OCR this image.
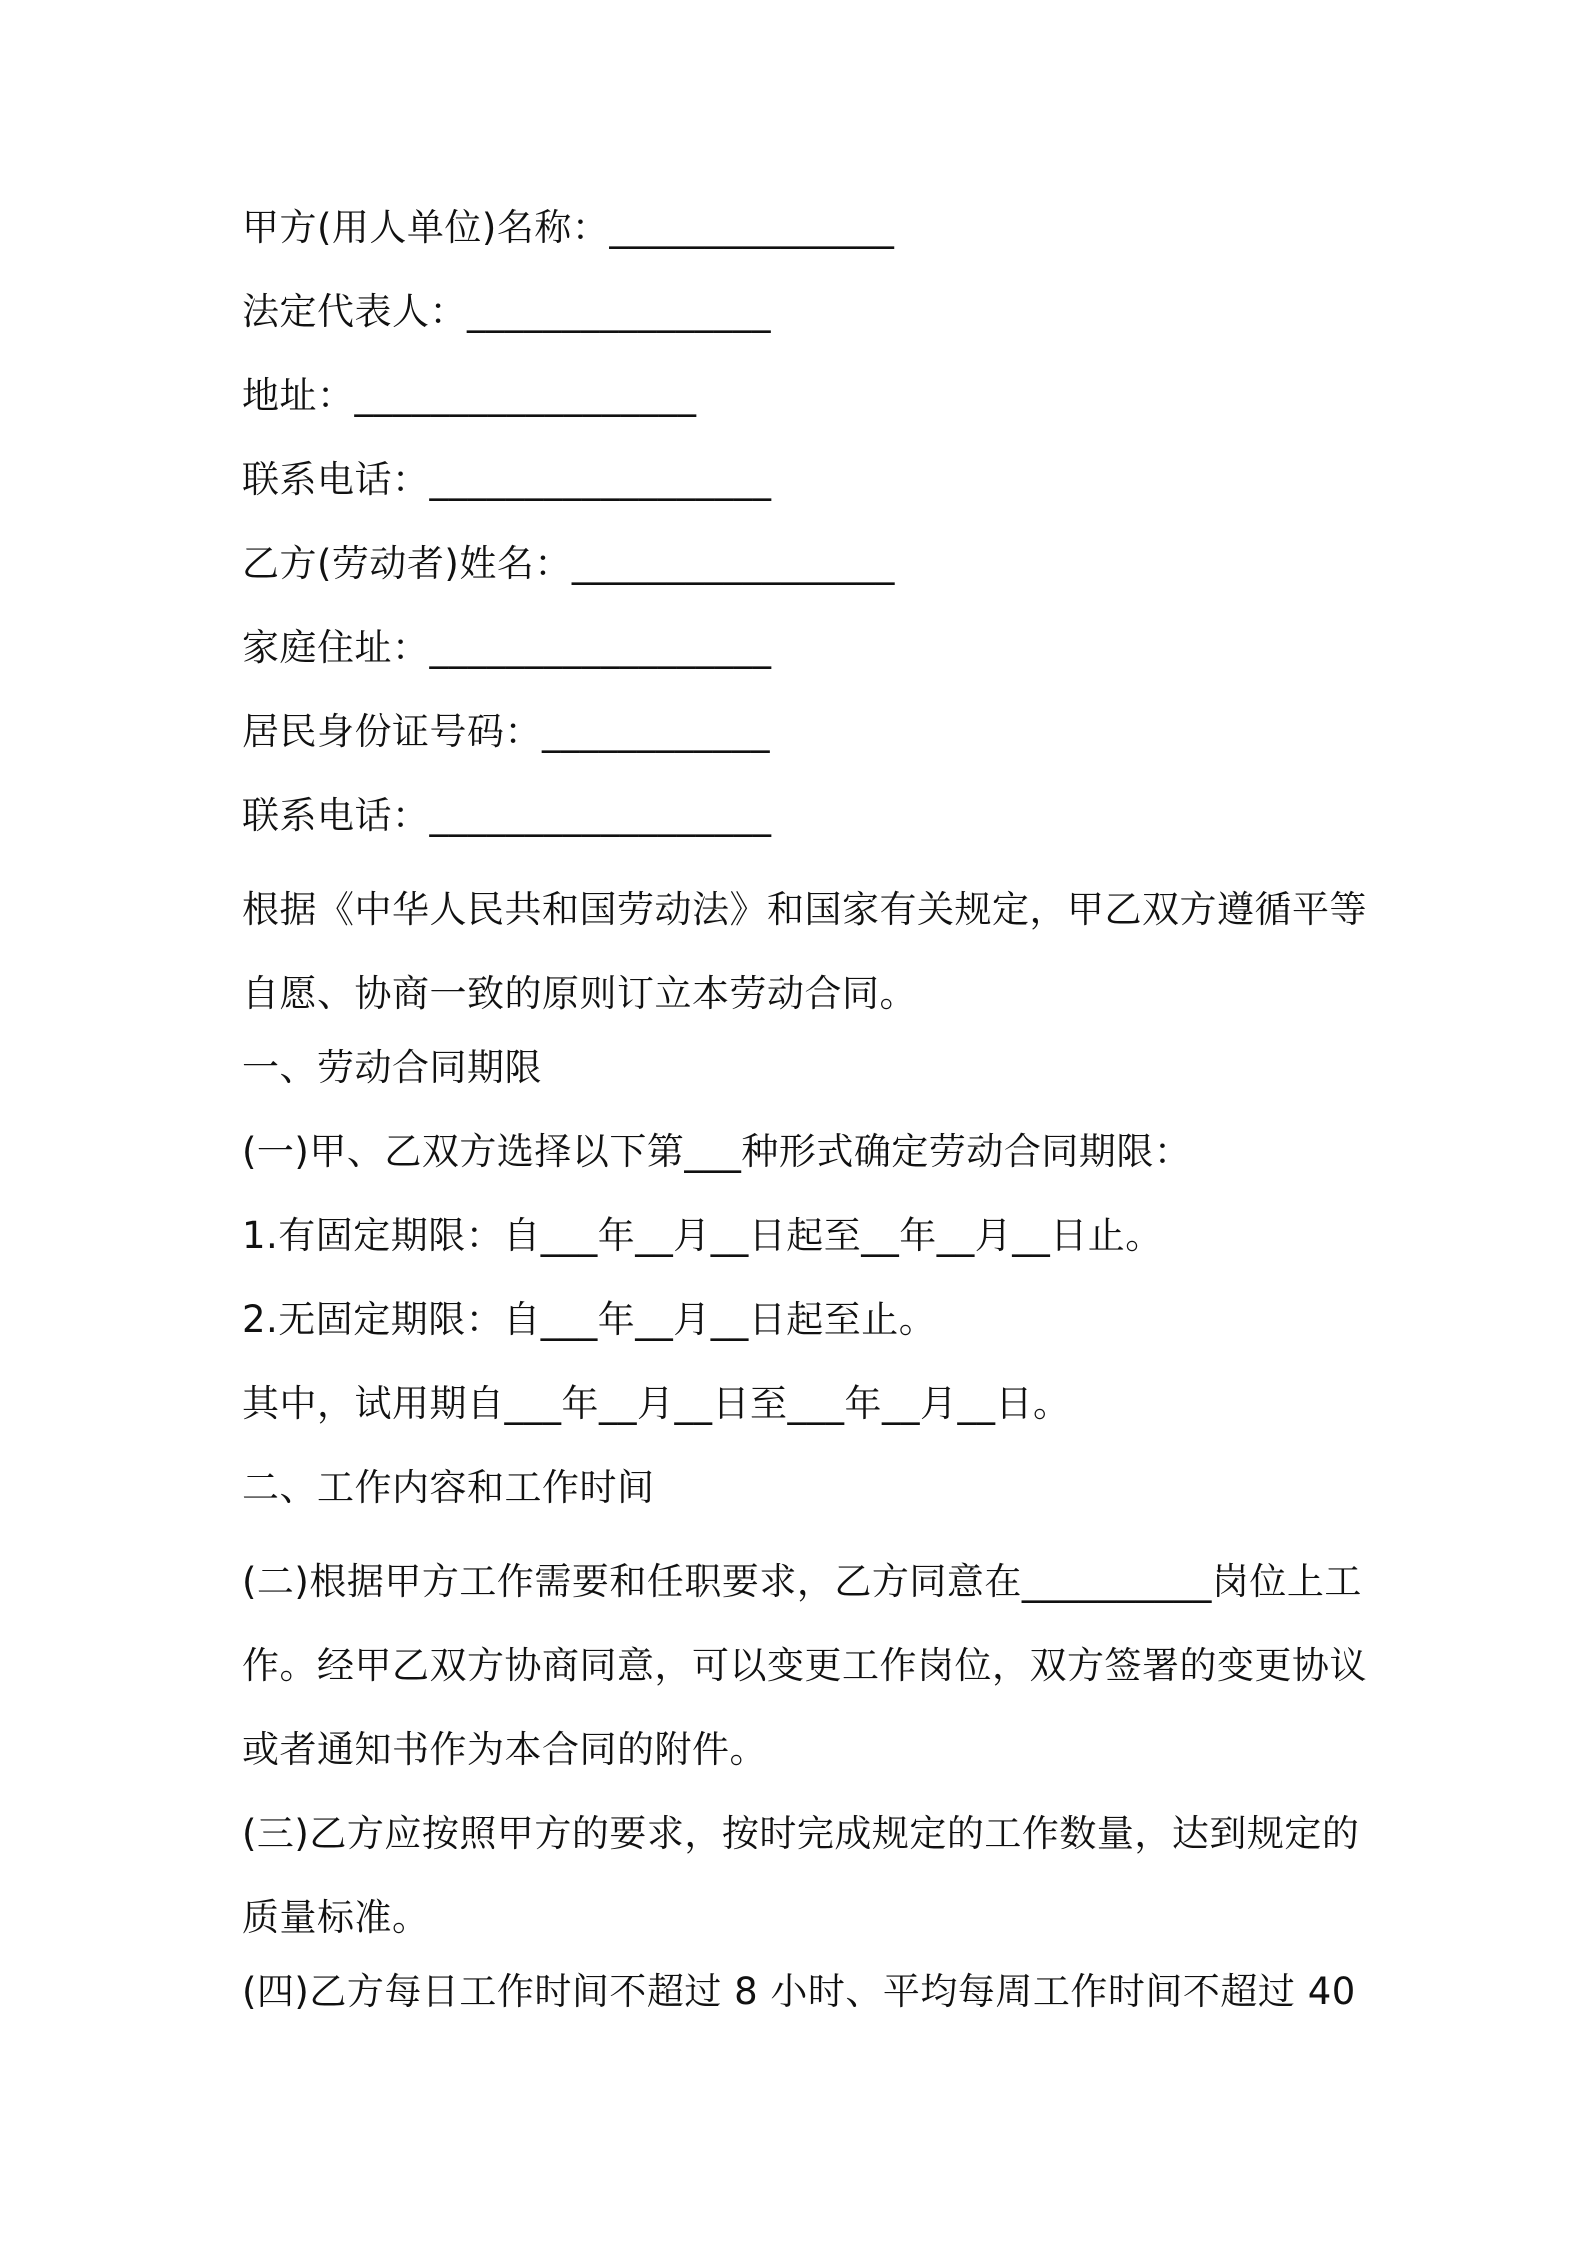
甲方(用人单位)名称：_______________
法定代表人：________________
地址：__________________
联系电话：__________________
乙方(劳动者)姓名：_________________
家庭住址：__________________
居民身份证号码：____________
联系电话：__________________

根据《中华人民共和国劳动法》和国家有关规定，甲乙双方遵循平等自愿、协商一致的原则订立本劳动合同。

一、劳动合同期限
(一)甲、乙双方选择以下第___种形式确定劳动合同期限：
1.有固定期限：自___年__月__日起至__年__月__日止。
2.无固定期限：自___年__月__日起至止。
其中，试用期自___年__月__日至___年__月__日。
二、工作内容和工作时间

(二)根据甲方工作需要和任职要求，乙方同意在__________岗位上工作。经甲乙双方协商同意，可以变更工作岗位，双方签署的变更协议或者通知书作为本合同的附件。

(三)乙方应按照甲方的要求，按时完成规定的工作数量，达到规定的质量标准。

(四)乙方每日工作时间不超过 8 小时、平均每周工作时间不超过 40
